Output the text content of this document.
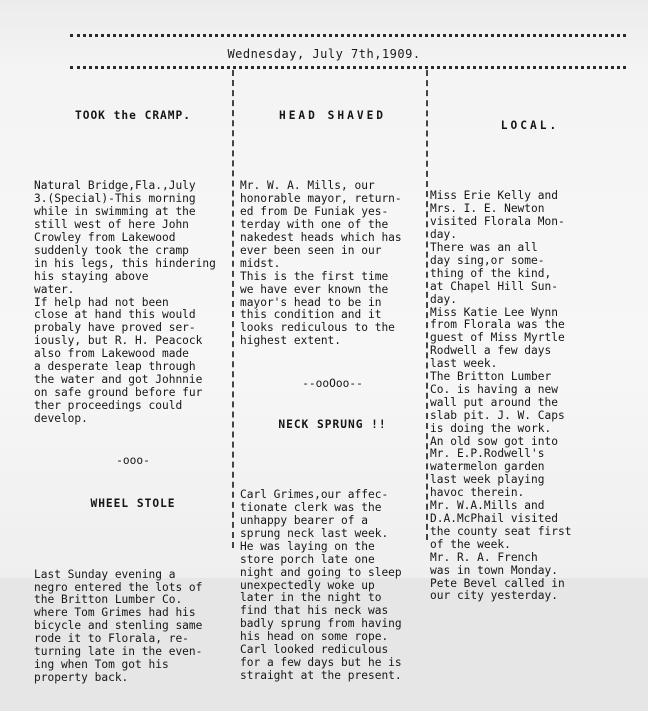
Wednesday, July 7th,1909.

TOOK the CRAMP.

Natural Bridge,Fla.,July
3.(Special)-This morning
while in swimming at the
still west of here John
Crowley from Lakewood
suddenly took the cramp
in his legs, this hindering
his staying above
water.
If help had not been
close at hand this would
probaly have proved ser-
iously, but R. H. Peacock
also from Lakewood made
a desperate leap through
the water and got Johnnie
on safe ground before fur
ther proceedings could
develop.

-ooo-

WHEEL STOLE

Last Sunday evening a
negro entered the lots of
the Britton Lumber Co.
where Tom Grimes had his
bicycle and stenling same
rode it to Florala, re-
turning late in the even-
ing when Tom got his
property back.

HEAD SHAVED

Mr. W. A. Mills, our
honorable mayor, return-
ed from De Funiak yes-
terday with one of the
nakedest heads which has
ever been seen in our
midst.
This is the first time
we have ever known the
mayor's head to be in
this condition and it
looks rediculous to the
highest extent.

--ooOoo--

NECK SPRUNG !!

Carl Grimes,our affec-
tionate clerk was the
unhappy bearer of a
sprung neck last week.
He was laying on the
store porch late one
night and going to sleep
unexpectedly woke up
later in the night to
find that his neck was
badly sprung from having
his head on some rope.
Carl looked rediculous
for a few days but he is
straight at the present.

LOCAL.

Miss Erie Kelly and
Mrs. I. E. Newton
visited Florala Mon-
day.
There was an all
day sing,or some-
thing of the kind,
at Chapel Hill Sun-
day.
Miss Katie Lee Wynn
from Florala was the
guest of Miss Myrtle
Rodwell a few days
last week.
The Britton Lumber
Co. is having a new
wall put around the
slab pit. J. W. Caps
is doing the work.
An old sow got into
Mr. E.P.Rodwell's
watermelon garden
last week playing
havoc therein.
Mr. W.A.Mills and
D.A.McPhail visited
the county seat first
of the week.
Mr. R. A. French
was in town Monday.
Pete Bevel called in
our city yesterday.
